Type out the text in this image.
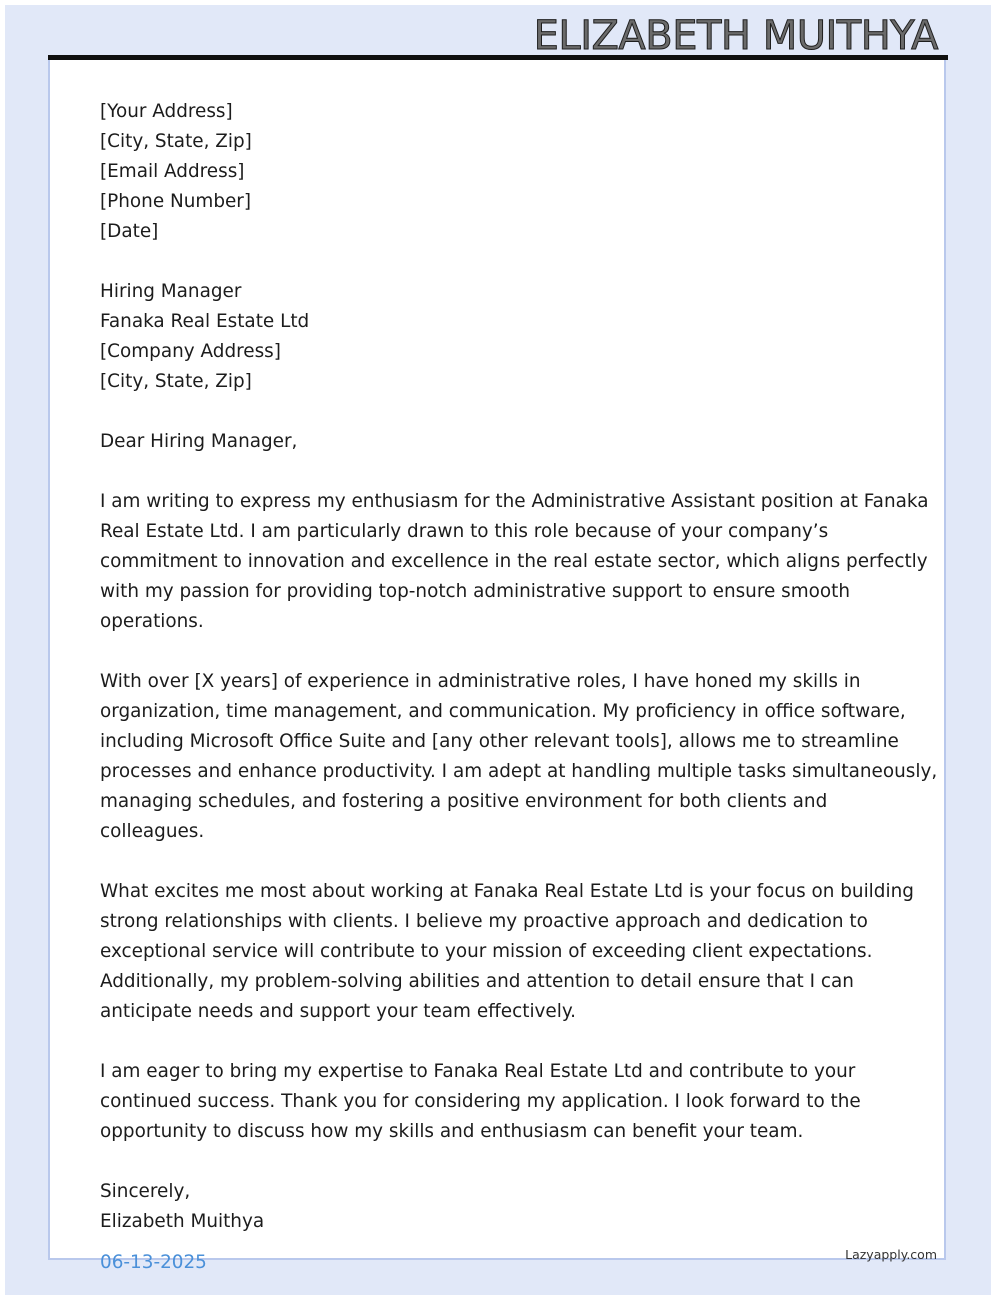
ELIZABETH MUITHYA
[Your Address]
[City, State, Zip]
[Email Address]
[Phone Number]
[Date]
Hiring Manager
Fanaka Real Estate Ltd
[Company Address]
[City, State, Zip]
Dear Hiring Manager,
I am writing to express my enthusiasm for the Administrative Assistant position at Fanaka
Real Estate Ltd. I am particularly drawn to this role because of your company’s
commitment to innovation and excellence in the real estate sector, which aligns perfectly
with my passion for providing top-notch administrative support to ensure smooth
operations.
With over [X years] of experience in administrative roles, I have honed my skills in
organization, time management, and communication. My proficiency in office software,
including Microsoft Office Suite and [any other relevant tools], allows me to streamline
processes and enhance productivity. I am adept at handling multiple tasks simultaneously,
managing schedules, and fostering a positive environment for both clients and
colleagues.
What excites me most about working at Fanaka Real Estate Ltd is your focus on building
strong relationships with clients. I believe my proactive approach and dedication to
exceptional service will contribute to your mission of exceeding client expectations.
Additionally, my problem-solving abilities and attention to detail ensure that I can
anticipate needs and support your team effectively.
I am eager to bring my expertise to Fanaka Real Estate Ltd and contribute to your
continued success. Thank you for considering my application. I look forward to the
opportunity to discuss how my skills and enthusiasm can benefit your team.
Sincerely,
Elizabeth Muithya
06-13-2025	Lazyapply.com
